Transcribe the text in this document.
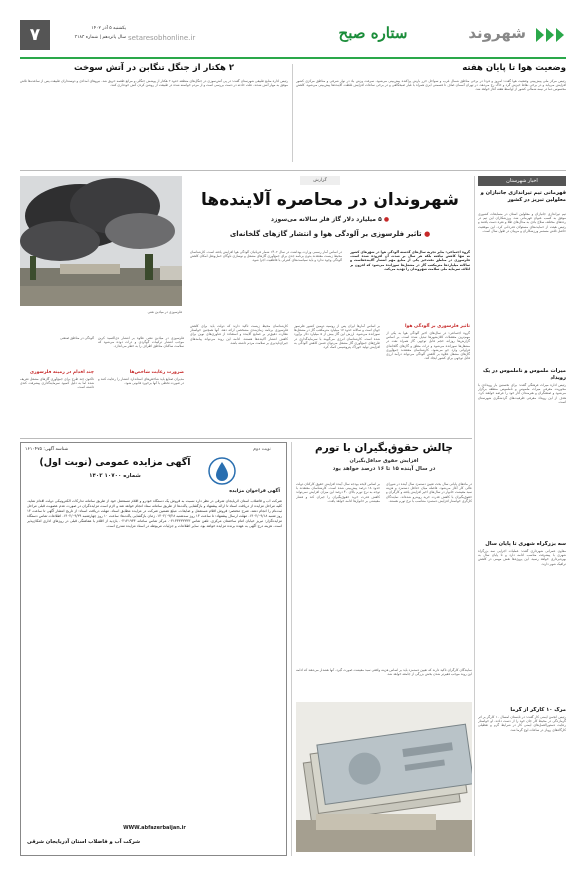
شهروند
ستاره صبح
setaresobhonline.ir
یکشنبه ۵ آذر ۱۴۰۲
سال پانزدهم | شماره ۳۱۸۳
۷
وضعیت هوا تا پایان هفته
رئیس مرکز ملی پیش‌بینی وضعیت هوا گفت: امروز و فردا در برخی مناطق شمال غرب و سواحل خزر بارش پراکنده پیش‌بینی می‌شود. سرعت وزش باد در نوار شرقی و مناطق مرکزی کشور افزایش می‌یابد و در برخی نقاط خیزش گرد و خاک رخ می‌دهد. در تهران آسمان صاف تا قسمتی ابری همراه با غبار صبحگاهی و در برخی ساعات افزایش غلظت آلاینده‌ها پیش‌بینی می‌شود. کاهش محسوس دما در نیمه شمالی کشور از اواسط هفته آغاز خواهد شد.
۲ هکتار از جنگل تنگابن در آتش سوخت
رئیس اداره منابع طبیعی شهرستان گفت: در پی آتش‌سوزی در جنگل‌های منطقه حدود ۲ هکتار از پوشش جنگلی و مراتع طعمه حریق شد. نیروهای امدادی و دوستداران طبیعت پس از ساعت‌ها تلاش موفق به مهار آتش شدند. علت حادثه در دست بررسی است و از مردم خواسته شده در طبیعت از روشن کردن آتش خودداری کنند.
اخبار شهرستان
قهرمانی تیم تیراندازی جانبازان و معلولین تبریز در کشور
تیم تیراندازی جانبازان و معلولین استان در مسابقات کشوری موفق به کسب عنوان قهرمانی شد. ورزشکاران این تیم در رده‌های مختلف سلاح بادی به مدال‌های طلا و نقره دست یافتند و رئیس هیئت از حمایت‌های مسئولان قدردانی کرد. این موفقیت حاصل تلاش مستمر ورزشکاران و مربیان در طول سال است.
میراث ملموس و ناملموس در یک رویداد
رئیس اداره میراث فرهنگی گفت: برای نخستین بار رویدادی با محوریت معرفی میراث ملموس و ناملموس منطقه برگزار می‌شود و صنعتگران و هنرمندان آثار خود را عرضه خواهند کرد. هدف از این رویداد معرفی ظرفیت‌های گردشگری شهرستان است.
سه بزرگراه شهری تا پایان سال
معاون عمرانی شهرداری گفت: عملیات اجرایی سه بزرگراه شهری با پیشرفت مناسب ادامه دارد و تا پایان سال به بهره‌برداری خواهد رسید. این پروژه‌ها نقش مهمی در کاهش ترافیک شهر دارند.
مرگ ۱۰ کارگر از گرما
رئیس انجمن ایمنی کار گفت: در تابستان امسال ۱۰ کارگر بر اثر گرمازدگی در محیط کار جان خود را از دست دادند. او خواستار رعایت دستورالعمل‌های ایمنی کار در شرایط گرم و تعطیلی کارگاه‌های روباز در ساعات اوج گرما شد.
فلرسوزی در میادین نفتی
گزارش
شهروندان در محاصره آلاینده‌ها
● ۵ میلیارد دلار گاز فلر سالانه می‌سوزد
● تاثیر فلرسوزی بر آلودگی هوا و انتشار گازهای گلخانه‌ای
گروه اجتماعی: بنابر تجربه سال‌های گذشته آلودگی هوا در شهرهای کشور نه تنها کاهش نیافته بلکه هر سال بر شدت آن افزوده شده است. فلرسوزی در مناطق نفت‌خیز یکی از منابع مهم انتشار آلاینده‌هاست و سالانه میلیاردها مترمکعب گاز در مشعل‌ها سوزانده می‌شود که افزون بر اتلاف سرمایه ملی سلامت شهروندان را تهدید می‌کند.
در اساس آمار رسمی وزارت بهداشت در سال ۱۴۰۲ شمار قربانیان آلودگی هوا افزایش یافته است. کارشناسان محیط زیست معتقدند بدون برنامه جدی برای جمع‌آوری گازهای مشعل و نوسازی ناوگان حمل‌ونقل امکان کاهش آلودگی وجود ندارد و باید سیاست‌های کنترلی با قاطعیت اجرا شود.
فلرسوزی در میادین نفتی علاوه بر انتشار دی‌اکسید کربن موجب انتشار ترکیبات گوگردی و ذرات دوده می‌شود که سلامت ساکنان مناطق اطراف را به خطر می‌اندازد.
آلودگی در مناطق صنعتی
ضرورت رعایت شاخص‌ها
مدیران صنایع باید شاخص‌های استاندارد انتشار را رعایت کنند و در صورت تخطی با آنها برخورد قانونی شود.
چند اقدام در زمینه فلرسوزی
تاکنون چند طرح برای جمع‌آوری گازهای مشعل تعریف شده اما به دلیل کمبود سرمایه‌گذاری پیشرفت کندی داشته است.
تاثیر فلرسوزی بر آلودگی هوا
گروه اجتماعی: در سال‌های اخیر آلودگی هوا به یکی از مهم‌ترین معضلات کلان‌شهرها تبدیل شده است. بر اساس گزارش‌ها روزانه حجم قابل توجهی گاز همراه نفت در مشعل‌ها سوزانده می‌شود و ذرات معلق و گازهای گلخانه‌ای فراوانی وارد جو می‌شود. کارشناسان معتقدند جمع‌آوری گازهای مشعل علاوه بر کاهش آلودگی می‌تواند درآمد ارزی قابل توجهی برای کشور ایجاد کند.
بر اساس آمارها ایران پس از روسیه دومین کشور فلرسوز جهان است و سالانه حدود ۱۷ میلیارد مترمکعب گاز در مشعل‌ها سوزانده می‌شود. ارزش این گاز بیش از ۵ میلیارد دلار برآورد شده است. کارشناسان انرژی می‌گویند با سرمایه‌گذاری در طرح‌های جمع‌آوری گاز مشعل می‌توان ضمن کاهش آلودگی به افزایش تولید خوراک پتروشیمی کمک کرد.
کارشناسان محیط زیست تاکید دارند که دولت باید برای کاهش فلرسوزی برنامه زمان‌بندی مشخصی ارائه دهد. آنها همچنین خواستار نظارت دقیق‌تر بر صنایع آلاینده و استفاده از فناوری‌های نوین برای کاهش انتشار آلاینده‌ها هستند. ادامه این روند می‌تواند پیامدهای جبران‌ناپذیری بر سلامت مردم داشته باشد.
چالش حقوق‌بگیران با تورم
افزایش حقوق حداقل‌بگیران
در سال آینده ۱۵ تا ۱۶ درصد خواهد بود
در ماه‌های پایانی سال بحث تعیین دستمزد سال آینده در شورای عالی کار آغاز می‌شود. فاصله میان حداقل دستمزد و هزینه سبد معیشت خانوار در سال‌های اخیر افزایش یافته و کارگران و حقوق‌بگیران با کاهش قدرت خرید روبه‌رو شده‌اند. نمایندگان کارگری خواستار افزایش دستمزد متناسب با نرخ تورم هستند.
بر اساس لایحه بودجه سال آینده افزایش حقوق کارکنان دولت حدود ۱۸ درصد پیش‌بینی شده است. کارشناسان معتقدند با توجه به نرخ تورم بالای ۴۰ درصد این میزان افزایش نمی‌تواند کاهش قدرت خرید حقوق‌بگیران را جبران کند و فشار معیشتی بر خانوارها ادامه خواهد یافت.
نمایندگان کارگران تاکید دارند که تعیین دستمزد باید بر اساس هزینه واقعی سبد معیشت صورت گیرد. آنها هشدار می‌دهند که ادامه این روند موجب فقیرتر شدن بخش بزرگی از جامعه خواهد شد.
نوبت دوم
شناسه آگهی: ۱۶۱۰۴۷۵
آگهی مزایده عمومی (نوبت اول)
شماره ۱۰۷۰۰ ۱۴۰۲
آگهی فراخوان مزایده
شرکت آب و فاضلاب استان آذربایجان شرقی در نظر دارد نسبت به فروش یک دستگاه خودرو و اقلام مستعمل خود از طریق سامانه تدارکات الکترونیکی دولت اقدام نماید. کلیه مراحل مزایده از دریافت اسناد تا ارائه پیشنهاد و بازگشایی پاکت‌ها از طریق سامانه ستاد انجام خواهد شد و لازم است مزایده‌گران در صورت عدم عضویت قبلی مراحل ثبت‌نام را انجام دهند. شرح مختصر: فروش اقلام مستعمل و ضایعات. مبلغ تضمین شرکت در مزایده مطابق اسناد. مهلت دریافت اسناد: از تاریخ انتشار آگهی تا ساعت ۱۴ روز شنبه ۱۴۰۲/۰۹/۱۸. مهلت ارسال پیشنهاد: تا ساعت ۱۴ روز سه‌شنبه ۱۴۰۲/۰۹/۲۸. زمان بازگشایی پاکت‌ها: ساعت ۱۰ روز چهارشنبه ۱۴۰۲/۰۹/۲۹. اطلاعات تماس دستگاه مزایده‌گزار: تبریز خیابان امام ساختمان مرکزی. تلفن تماس ۰۴۱۳۳۳۳۳۳۳۳. مرکز تماس سامانه ۰۲۱۴۱۹۳۴. بازدید از اقلام با هماهنگی قبلی در روزهای اداری امکان‌پذیر است. هزینه درج آگهی به عهده برنده مزایده خواهد بود. سایر اطلاعات و جزئیات مربوطه در اسناد مزایده مندرج است.
WWW.abfazerbaijan.ir
شرکت آب و فاضلاب استان آذربایجان شرقی
